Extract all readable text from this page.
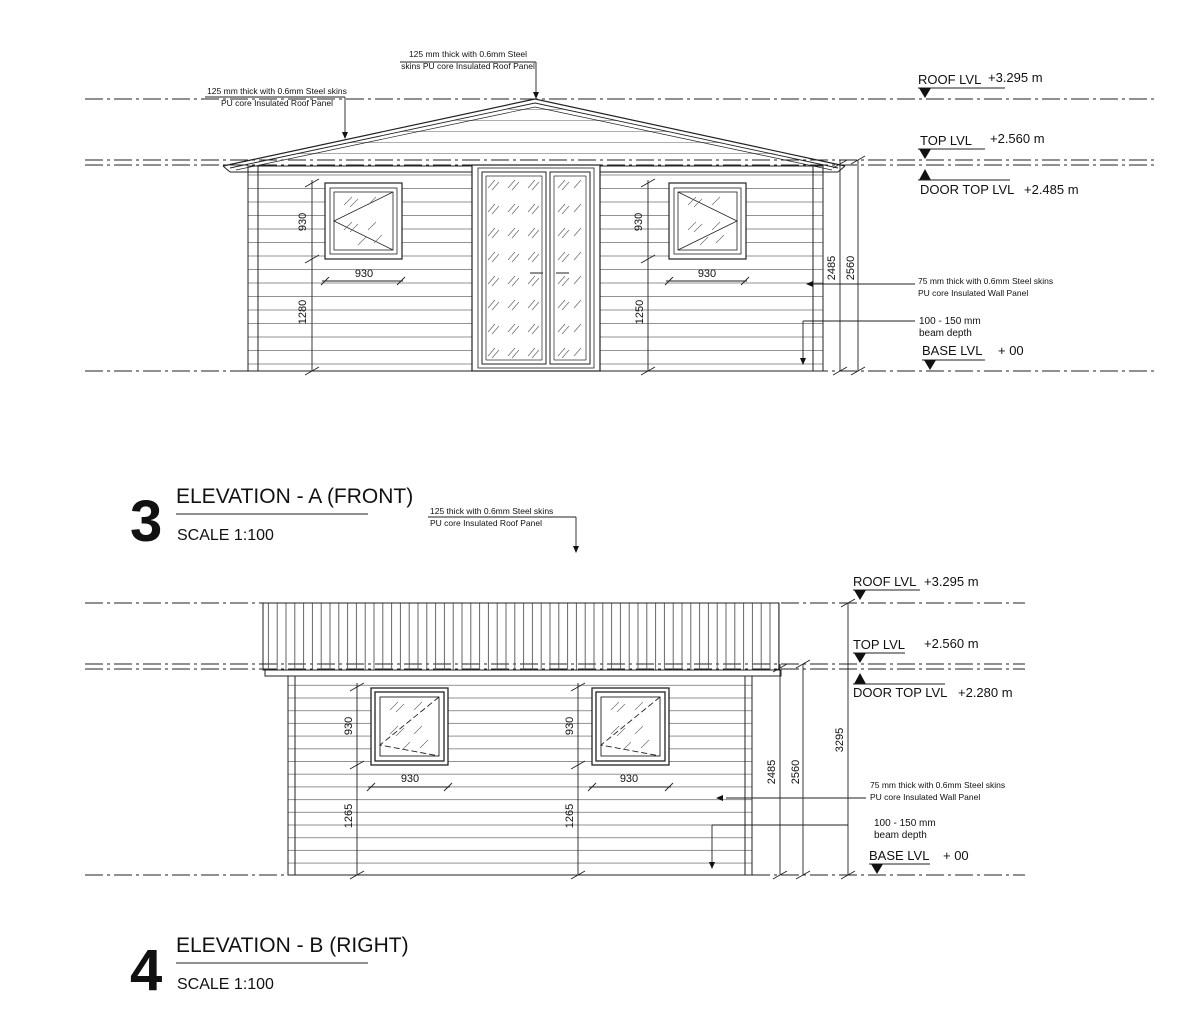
930
930
1280
930
930
1250
2485 2560
ROOF LVL +3.295 m
TOP LVL +2.560 m
DOOR TOP LVL +2.485 m
BASE LVL + 00
125 mm thick with 0.6mm Steel
skins PU core Insulated Roof Panel
125 mm thick with 0.6mm Steel skins
PU core Insulated Roof Panel
75 mm thick with 0.6mm Steel skins
PU core Insulated Wall Panel
100 - 150 mm
beam depth
3 ELEVATION - A (FRONT)
SCALE 1:100
930
930
1265
930
930
1265
2485 2560
3295
ROOF LVL +3.295 m
TOP LVL +2.560 m
DOOR TOP LVL +2.280 m
BASE LVL + 00
125 thick with 0.6mm Steel skins
PU core Insulated Roof Panel
75 mm thick with 0.6mm Steel skins
PU core Insulated Wall Panel
100 - 150 mm
beam depth
4 ELEVATION - B (RIGHT)
SCALE 1:100
